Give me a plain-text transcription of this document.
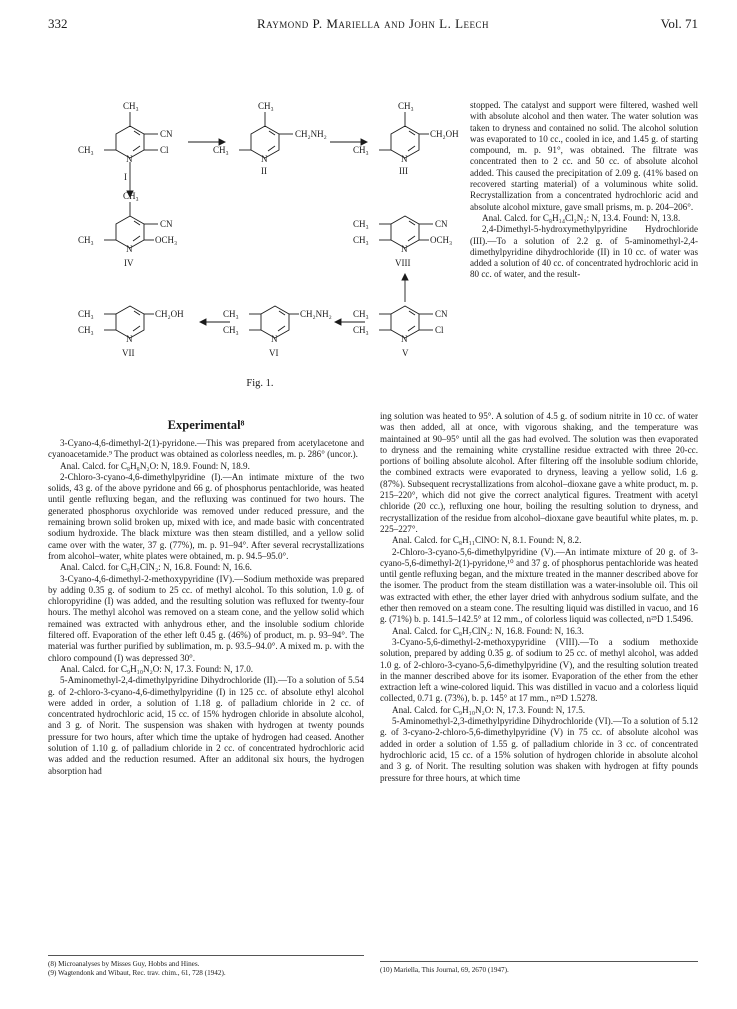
332	Raymond P. Mariella and John L. Leech	Vol. 71
CH₃
CN
Cl
CH₃
N
I
CH₃
CH₂NH₂
CH₃
N
II
CH₃
CH₂OH
CH₃
N
III
CH₃
CN
OCH₃
CH₃
N
IV
CN
OCH₃
CH₃
CH₃
N
VIII
CH₂OH
CH₃
CH₃
N
VII
CH₂NH₂
CH₃
CH₃
N
VI
CN
Cl
CH₃
CH₃
N
V
Fig. 1.

stopped. The catalyst and support were filtered, washed well with absolute alcohol and then water. The water solution was taken to dryness and contained no solid. The alcohol solution was evaporated to 10 cc., cooled in ice, and 1.45 g. of starting compound, m. p. 91°, was obtained. The filtrate was concentrated then to 2 cc. and 50 cc. of absolute alcohol added. This caused the precipitation of 2.09 g. (41% based on recovered starting material) of a voluminous white solid. Recrystallization from a concentrated hydrochloric acid and absolute alcohol mixture, gave small prisms, m. p. 204–206°.

Anal. Calcd. for C₈H₁₄Cl₂N₂: N, 13.4. Found: N, 13.8.

2,4-Dimethyl-5-hydroxymethylpyridine Hydrochloride (III).—To a solution of 2.2 g. of 5-aminomethyl-2,4-dimethylpyridine dihydrochloride (II) in 10 cc. of water was added a solution of 40 cc. of concentrated hydrochloric acid in 80 cc. of water, and the result-

Experimental⁸

3-Cyano-4,6-dimethyl-2(1)-pyridone.—This was prepared from acetylacetone and cyanoacetamide.⁹ The product was obtained as colorless needles, m. p. 286° (uncor.).

Anal. Calcd. for C₈H₈N₂O: N, 18.9. Found: N, 18.9.

2-Chloro-3-cyano-4,6-dimethylpyridine (I).—An intimate mixture of the two solids, 43 g. of the above pyridone and 66 g. of phosphorus pentachloride, was heated until gentle refluxing began, and the refluxing was continued for two hours. The generated phosphorus oxychloride was removed under reduced pressure, and the remaining brown solid broken up, mixed with ice, and made basic with concentrated sodium hydroxide. The black mixture was then steam distilled, and a yellow solid came over with the water, 37 g. (77%), m. p. 91–94°. After several recrystallizations from alcohol–water, white plates were obtained, m. p. 94.5–95.0°.

Anal. Calcd. for C₈H₇ClN₂: N, 16.8. Found: N, 16.6.

3-Cyano-4,6-dimethyl-2-methoxypyridine (IV).—Sodium methoxide was prepared by adding 0.35 g. of sodium to 25 cc. of methyl alcohol. To this solution, 1.0 g. of chloropyridine (I) was added, and the resulting solution was refluxed for twenty-four hours. The methyl alcohol was removed on a steam cone, and the yellow solid which remained was extracted with anhydrous ether, and the insoluble sodium chloride filtered off. Evaporation of the ether left 0.45 g. (46%) of product, m. p. 93–94°. The material was further purified by sublimation, m. p. 93.5–94.0°. A mixed m. p. with the chloro compound (I) was depressed 30°.

Anal. Calcd. for C₉H₁₀N₂O: N, 17.3. Found: N, 17.0.

5-Aminomethyl-2,4-dimethylpyridine Dihydrochloride (II).—To a solution of 5.54 g. of 2-chloro-3-cyano-4,6-dimethylpyridine (I) in 125 cc. of absolute ethyl alcohol were added in order, a solution of 1.18 g. of palladium chloride in 2 cc. of concentrated hydrochloric acid, 15 cc. of 15% hydrogen chloride in absolute alcohol, and 3 g. of Norit. The suspension was shaken with hydrogen at twenty pounds pressure for two hours, after which time the uptake of hydrogen had ceased. Another solution of 1.10 g. of palladium chloride in 2 cc. of concentrated hydrochloric acid was added and the reduction resumed. After an additonal six hours, the hydrogen absorption had

ing solution was heated to 95°. A solution of 4.5 g. of sodium nitrite in 10 cc. of water was then added, all at once, with vigorous shaking, and the temperature was maintained at 90–95° until all the gas had evolved. The solution was then evaporated to dryness and the remaining white crystalline residue extracted with three 20-cc. portions of boiling absolute alcohol. After filtering off the insoluble sodium chloride, the combined extracts were evaporated to dryness, leaving a yellow solid, 1.6 g. (87%). Subsequent recrystallizations from alcohol–dioxane gave a white product, m. p. 215–220°, which did not give the correct analytical figures. Treatment with acetyl chloride (20 cc.), refluxing one hour, boiling the resulting solution to dryness, and recrystallization of the residue from alcohol–dioxane gave beautiful white plates, m. p. 225–227°.

Anal. Calcd. for C₈H₁₁ClNO: N, 8.1. Found: N, 8.2.

2-Chloro-3-cyano-5,6-dimethylpyridine (V).—An intimate mixture of 20 g. of 3-cyano-5,6-dimethyl-2(1)-pyridone,¹⁰ and 37 g. of phosphorus pentachloride was heated until gentle refluxing began, and the mixture treated in the manner described above for the isomer. The product from the steam distillation was a water-insoluble oil. This oil was extracted with ether, the ether layer dried with anhydrous sodium sulfate, and the ether then removed on a steam cone. The resulting liquid was distilled in vacuo, and 16 g. (71%) b. p. 141.5–142.5° at 12 mm., of colorless liquid was collected, n²⁵D 1.5496.

Anal. Calcd. for C₈H₇ClN₂: N, 16.8. Found: N, 16.3.

3-Cyano-5,6-dimethyl-2-methoxypyridine (VIII).—To a sodium methoxide solution, prepared by adding 0.35 g. of sodium to 25 cc. of methyl alcohol, was added 1.0 g. of 2-chloro-3-cyano-5,6-dimethylpyridine (V), and the resulting solution treated in the manner described above for its isomer. Evaporation of the ether from the ether extraction left a wine-colored liquid. This was distilled in vacuo and a colorless liquid collected, 0.71 g. (73%), b. p. 145° at 17 mm., n²⁵D 1.5278.

Anal. Calcd. for C₉H₁₀N₂O: N, 17.3. Found: N, 17.5.

5-Aminomethyl-2,3-dimethylpyridine Dihydrochloride (VI).—To a solution of 5.12 g. of 3-cyano-2-chloro-5,6-dimethylpyridine (V) in 75 cc. of absolute alcohol was added in order a solution of 1.55 g. of palladium chloride in 3 cc. of concentrated hydrochloric acid, 15 cc. of a 15% solution of hydrogen chloride in absolute alcohol and 3 g. of Norit. The resulting solution was shaken with hydrogen at fifty pounds pressure for three hours, at which time

(8) Microanalyses by Misses Guy, Hobbs and Hines.
(9) Wagtendonk and Wibaut, Rec. trav. chim., 61, 728 (1942).	(10) Mariella, This Journal, 69, 2670 (1947).
